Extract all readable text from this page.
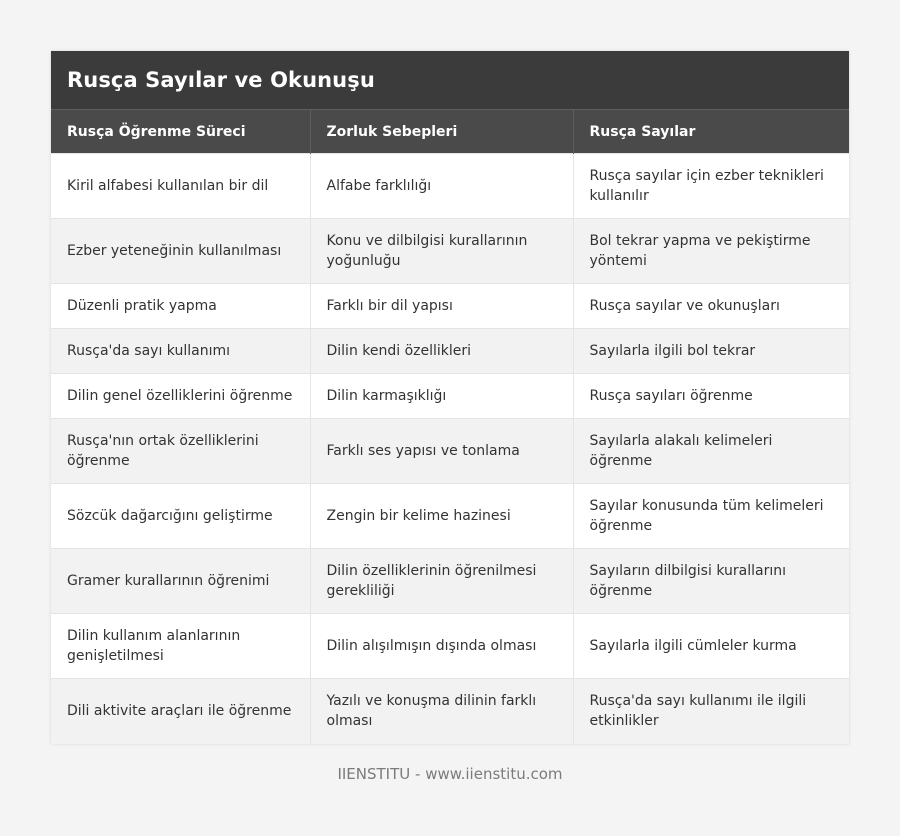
Rusça Sayılar ve Okunuşu
Rusça Öğrenme Süreci	Zorluk Sebepleri	Rusça Sayılar
Kiril alfabesi kullanılan bir dil	Alfabe farklılığı	Rusça sayılar için ezber teknikleri kullanılır
Ezber yeteneğinin kullanılması	Konu ve dilbilgisi kurallarının yoğunluğu	Bol tekrar yapma ve pekiştirme yöntemi
Düzenli pratik yapma	Farklı bir dil yapısı	Rusça sayılar ve okunuşları
Rusça'da sayı kullanımı	Dilin kendi özellikleri	Sayılarla ilgili bol tekrar
Dilin genel özelliklerini öğrenme	Dilin karmaşıklığı	Rusça sayıları öğrenme
Rusça'nın ortak özelliklerini öğrenme	Farklı ses yapısı ve tonlama	Sayılarla alakalı kelimeleri öğrenme
Sözcük dağarcığını geliştirme	Zengin bir kelime hazinesi	Sayılar konusunda tüm kelimeleri öğrenme
Gramer kurallarının öğrenimi	Dilin özelliklerinin öğrenilmesi gerekliliği	Sayıların dilbilgisi kurallarını öğrenme
Dilin kullanım alanlarının genişletilmesi	Dilin alışılmışın dışında olması	Sayılarla ilgili cümleler kurma
Dili aktivite araçları ile öğrenme	Yazılı ve konuşma dilinin farklı olması	Rusça'da sayı kullanımı ile ilgili etkinlikler
IIENSTITU - www.iienstitu.com
